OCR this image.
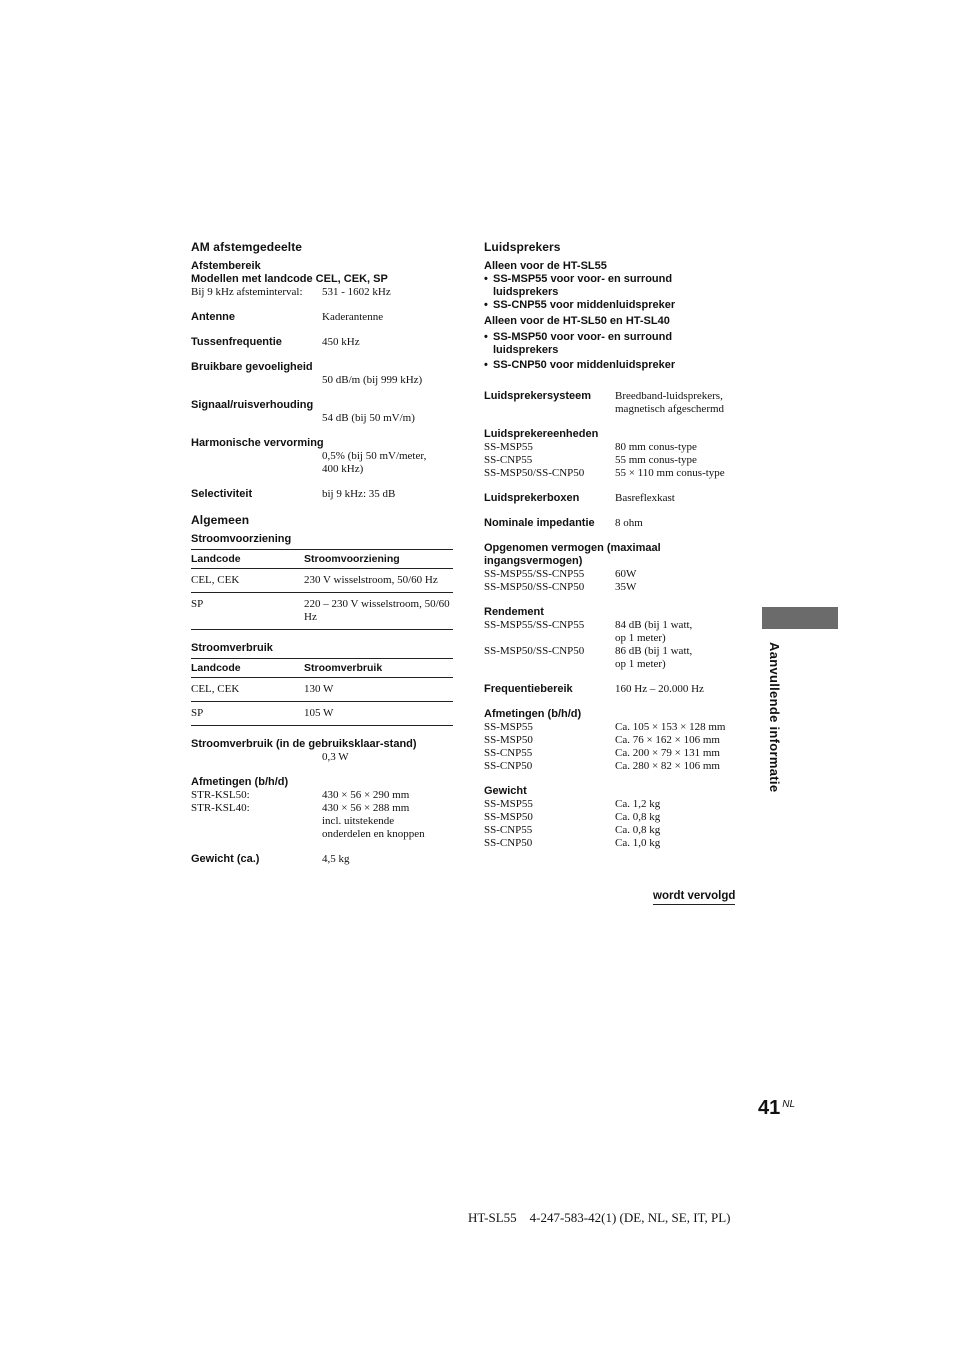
AM afstemgedeelte
Afstembereik
Modellen met landcode CEL, CEK, SP
Bij 9 kHz afsteminterval:	531 - 1602 kHz
Antenne	Kaderantenne
Tussenfrequentie	450 kHz
Bruikbare gevoeligheid
50 dB/m (bij 999 kHz)
Signaal/ruisverhouding
54 dB (bij 50 mV/m)
Harmonische vervorming
0,5% (bij 50 mV/meter,
400 kHz)
Selectiviteit	bij 9 kHz: 35 dB
Algemeen
Stroomvoorziening
Landcode	Stroomvoorziening
CEL, CEK	230 V wisselstroom, 50/60 Hz
SP	220 – 230 V wisselstroom, 50/60 Hz
Stroomverbruik
Landcode	Stroomverbruik
CEL, CEK	130 W
SP	105 W
Stroomverbruik (in de gebruiksklaar-stand)
0,3 W
Afmetingen (b/h/d)
STR-KSL50:	430 × 56 × 290 mm
STR-KSL40:	430 × 56 × 288 mm
incl. uitstekende
onderdelen en knoppen
Gewicht (ca.)	4,5 kg
Luidsprekers
Alleen voor de HT-SL55
• SS-MSP55 voor voor- en surround
luidsprekers
• SS-CNP55 voor middenluidspreker
Alleen voor de HT-SL50 en HT-SL40
• SS-MSP50 voor voor- en surround
luidsprekers
• SS-CNP50 voor middenluidspreker
Luidsprekersysteem	Breedband-luidsprekers,
magnetisch afgeschermd
Luidsprekereenheden
SS-MSP55	80 mm conus-type
SS-CNP55	55 mm conus-type
SS-MSP50/SS-CNP50	55 × 110 mm conus-type
Luidsprekerboxen	Basreflexkast
Nominale impedantie	8 ohm
Opgenomen vermogen (maximaal
ingangsvermogen)
SS-MSP55/SS-CNP55	60W
SS-MSP50/SS-CNP50	35W
Rendement
SS-MSP55/SS-CNP55	84 dB (bij 1 watt,
op 1 meter)
SS-MSP50/SS-CNP50	86 dB (bij 1 watt,
op 1 meter)
Frequentiebereik	160 Hz – 20.000 Hz
Afmetingen (b/h/d)
SS-MSP55	Ca. 105 × 153 × 128 mm
SS-MSP50	Ca. 76 × 162 × 106 mm
SS-CNP55	Ca. 200 × 79 × 131 mm
SS-CNP50	Ca. 280 × 82 × 106 mm
Gewicht
SS-MSP55	Ca. 1,2 kg
SS-MSP50	Ca. 0,8 kg
SS-CNP55	Ca. 0,8 kg
SS-CNP50	Ca. 1,0 kg
Aanvullende informatie
wordt vervolgd
41 $^{NL}$
HT-SL55    4-247-583-42(1) (DE, NL, SE, IT, PL)
